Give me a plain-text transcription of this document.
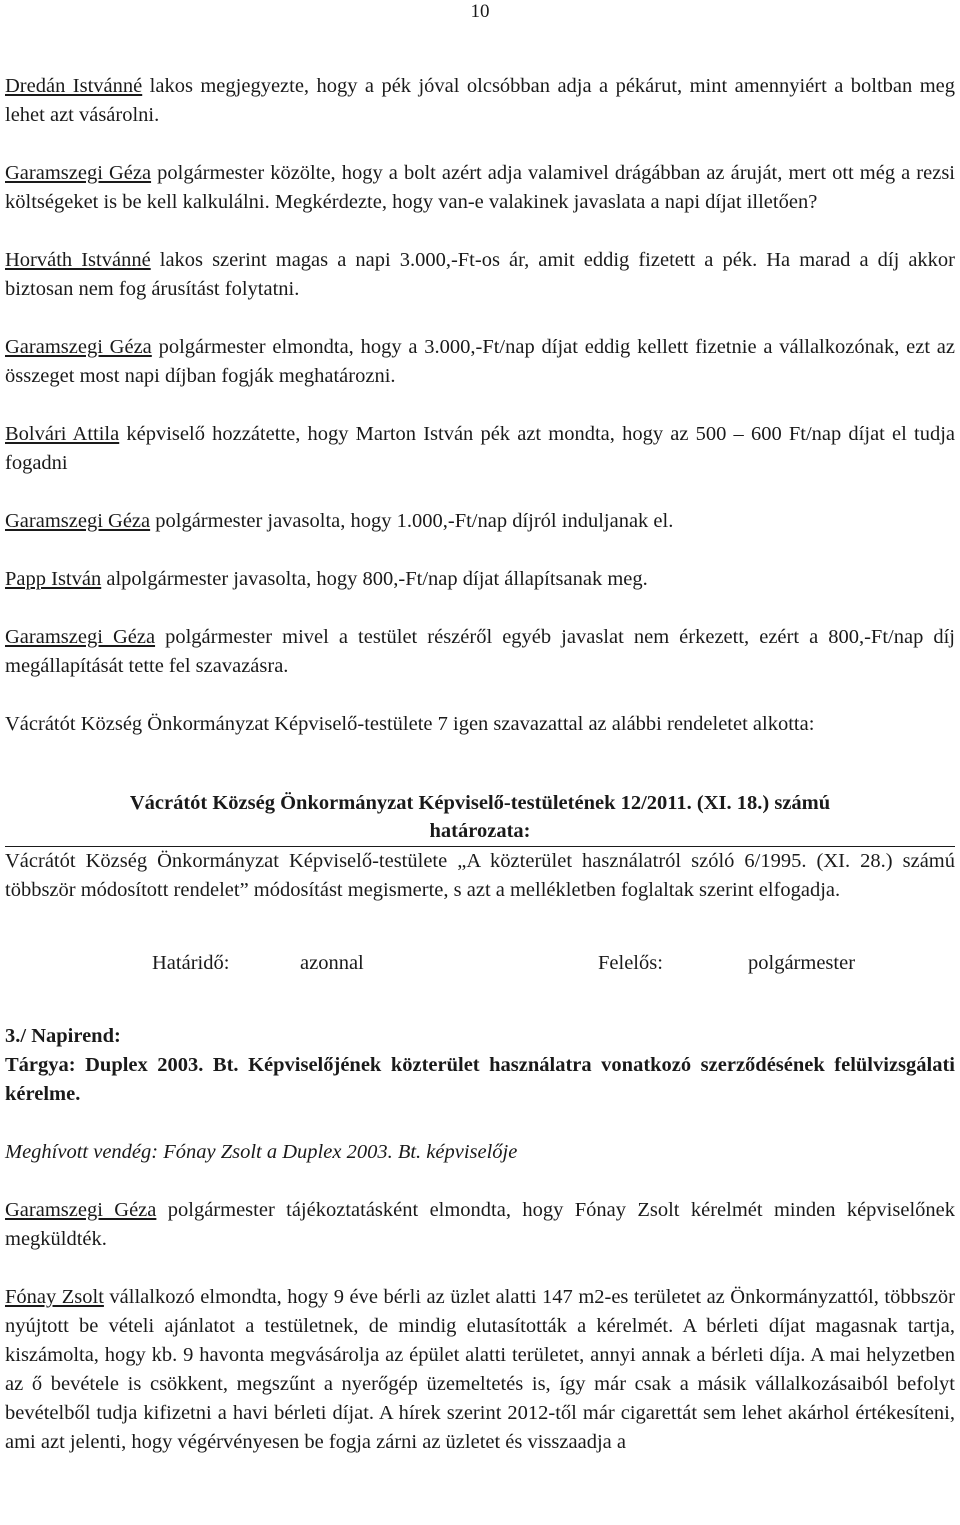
10

Dredán Istvánné lakos megjegyezte, hogy a pék jóval olcsóbban adja a pékárut, mint amennyiért a boltban meg lehet azt vásárolni.

Garamszegi Géza polgármester közölte, hogy a bolt azért adja valamivel drágábban az áruját, mert ott még a rezsi költségeket is be kell kalkulálni. Megkérdezte, hogy van-e valakinek javaslata a napi díjat illetően?

Horváth Istvánné lakos szerint magas a napi 3.000,-Ft-os ár, amit eddig fizetett a pék. Ha marad a díj akkor biztosan nem fog árusítást folytatni.

Garamszegi Géza polgármester elmondta, hogy a 3.000,-Ft/nap díjat eddig kellett fizetnie a vállalkozónak, ezt az összeget most napi díjban fogják meghatározni.

Bolvári Attila képviselő hozzátette, hogy Marton István pék azt mondta, hogy az 500 – 600 Ft/nap díjat el tudja fogadni

Garamszegi Géza polgármester javasolta, hogy 1.000,-Ft/nap díjról induljanak el.

Papp István alpolgármester javasolta, hogy 800,-Ft/nap díjat állapítsanak meg.

Garamszegi Géza polgármester mivel a testület részéről egyéb javaslat nem érkezett, ezért a 800,-Ft/nap díj megállapítását tette fel szavazásra.

Vácrátót Község Önkormányzat Képviselő-testülete 7 igen szavazattal az alábbi rendeletet alkotta:

Vácrátót Község Önkormányzat Képviselő-testületének 12/2011. (XI. 18.) számú

határozata:

Vácrátót Község Önkormányzat Képviselő-testülete „A közterület használatról szóló 6/1995. (XI. 28.) számú többször módosított rendelet” módosítást megismerte, s azt a mellékletben foglaltak szerint elfogadja.

Határidő:	azonnal	Felelős:	polgármester

3./ Napirend:

Tárgya: Duplex 2003. Bt. Képviselőjének közterület használatra vonatkozó szerződésének felülvizsgálati kérelme.

Meghívott vendég: Fónay Zsolt a Duplex 2003. Bt. képviselője

Garamszegi Géza polgármester tájékoztatásként elmondta, hogy Fónay Zsolt kérelmét minden képviselőnek megküldték.

Fónay Zsolt vállalkozó elmondta, hogy 9 éve bérli az üzlet alatti 147 m2-es területet az Önkormányzattól, többször nyújtott be vételi ajánlatot a testületnek, de mindig elutasították a kérelmét. A bérleti díjat magasnak tartja, kiszámolta, hogy kb. 9 havonta megvásárolja az épület alatti területet, annyi annak a bérleti díja. A mai helyzetben az ő bevétele is csökkent, megszűnt a nyerőgép üzemeltetés is, így már csak a másik vállalkozásaiból befolyt bevételből tudja kifizetni a havi bérleti díjat. A hírek szerint 2012-től már cigarettát sem lehet akárhol értékesíteni, ami azt jelenti, hogy végérvényesen be fogja zárni az üzletet és visszaadja a
